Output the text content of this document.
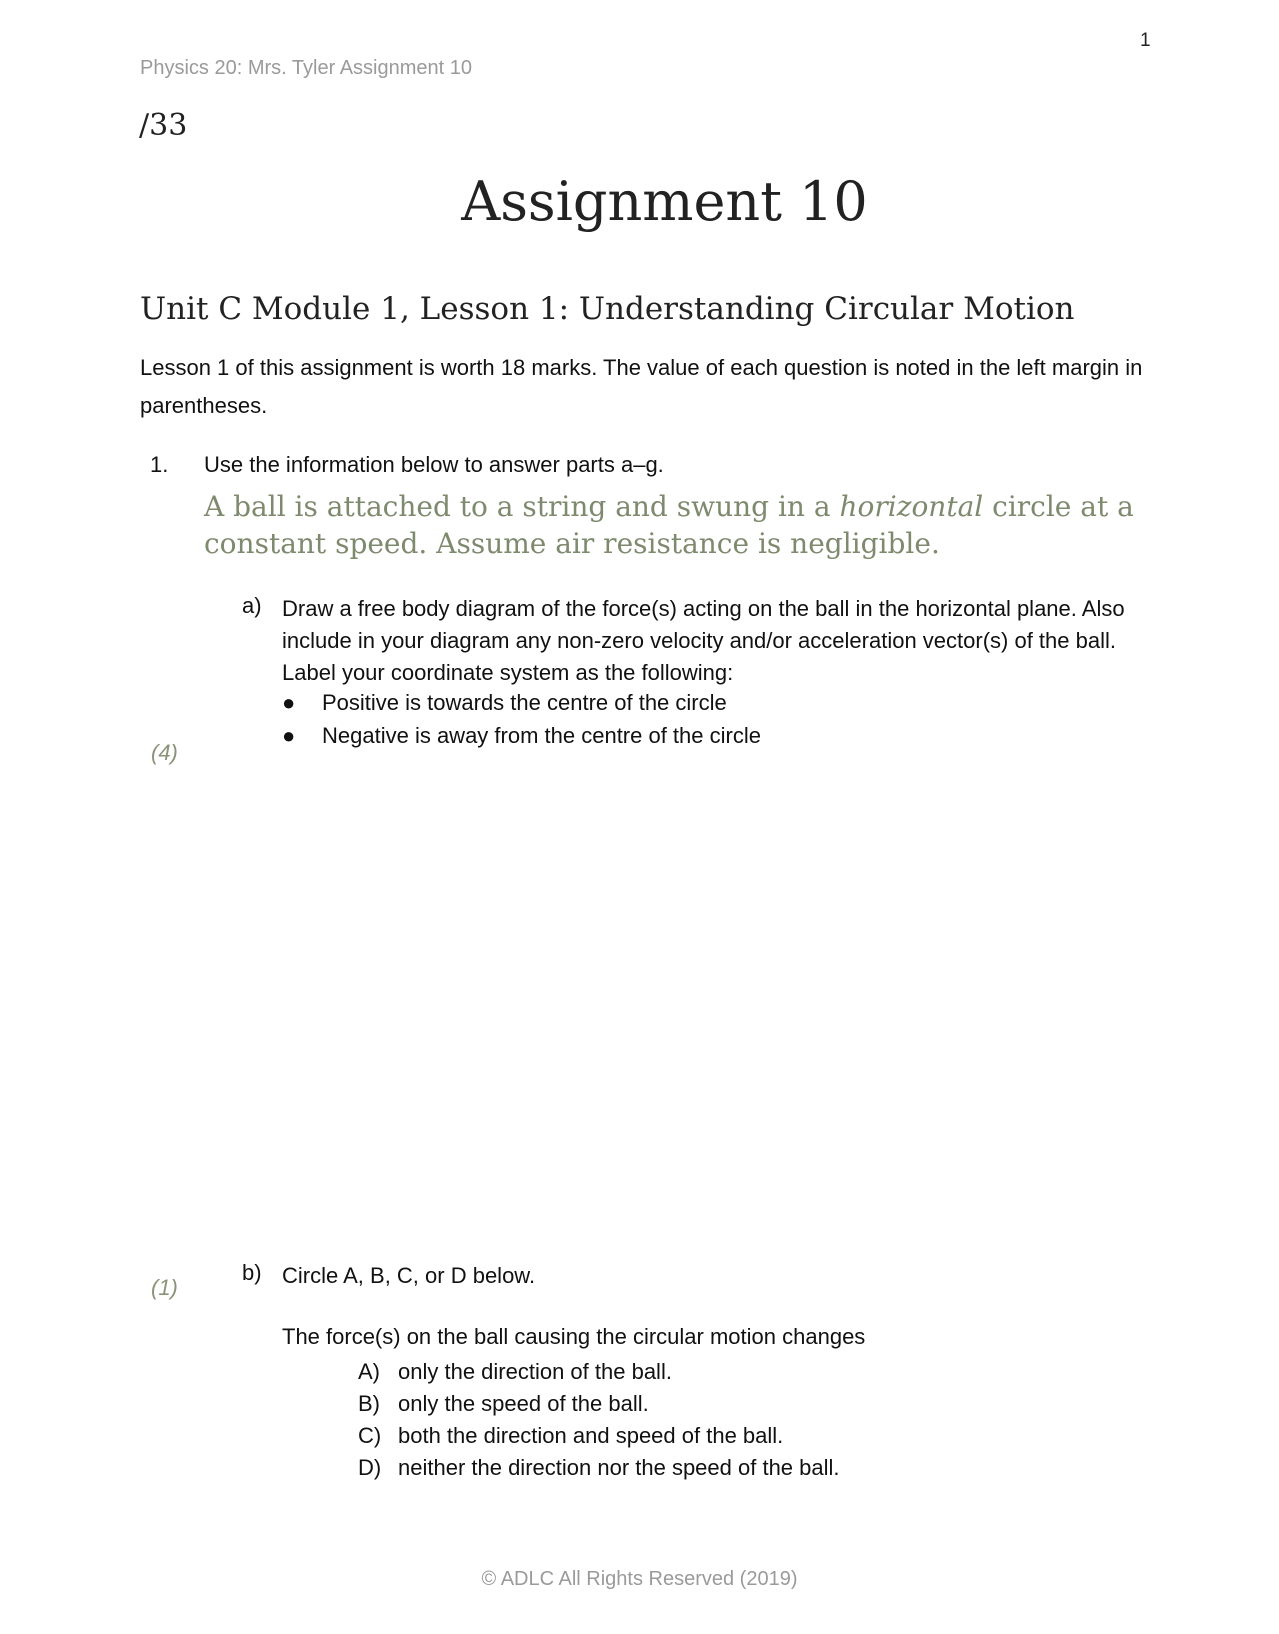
1
Physics 20: Mrs. Tyler Assignment 10
/33
Assignment 10
Unit C Module 1, Lesson 1: Understanding Circular Motion
Lesson 1 of this assignment is worth 18 marks. The value of each question is noted in the left margin in parentheses.
1. Use the information below to answer parts a–g.
A ball is attached to a string and swung in a horizontal circle at a constant speed. Assume air resistance is negligible.
a) Draw a free body diagram of the force(s) acting on the ball in the horizontal plane. Also include in your diagram any non-zero velocity and/or acceleration vector(s) of the ball. Label your coordinate system as the following:
●	Positive is towards the centre of the circle
●	Negative is away from the centre of the circle
(4)
(1)
b) Circle A, B, C, or D below.
The force(s) on the ball causing the circular motion changes
A) only the direction of the ball.
B) only the speed of the ball.
C) both the direction and speed of the ball.
D) neither the direction nor the speed of the ball.
© ADLC All Rights Reserved (2019)
